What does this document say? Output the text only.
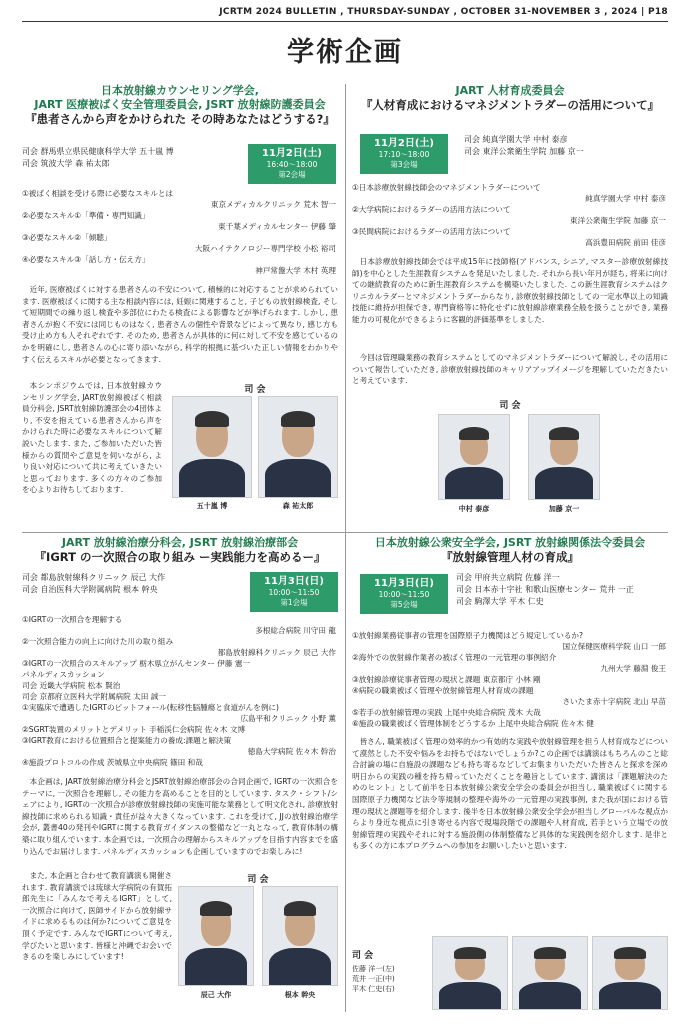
JCRTM 2024 BULLETIN , THURSDAY-SUNDAY , OCTOBER 31-NOVEMBER 3 , 2024 | P18
学術企画
日本放射線カウンセリング学会,
JART 医療被ばく安全管理委員会, JSRT 放射線防護委員会
『患者さんから声をかけられた その時あなたはどうする?』
司会 群馬県立県民健康科学大学 五十嵐 博
司会 筑波大学 森 祐太郎
11月2日(土)
16:40～18:00
第2会場
①被ばく相談を受ける際に必要なスキルとは
東京メディカルクリニック 荒木 智一
②必要なスキル①「準備・専門知識」
東千葉メディカルセンター 伊藤 肇
③必要なスキル②「傾聴」
大阪ハイテクノロジー専門学校 小松 裕司
④必要なスキル③「話し方・伝え方」
神戸常盤大学 木村 英理
近年, 医療被ばくに対する患者さんの不安について, 積極的に対応することが求められています. 医療被ばくに関する主な相談内容には, 妊娠に関連すること, 子どもの放射線検査, そして短期間での繰り返し検査や多部位にわたる検査による影響などが挙げられます. しかし, 患者さんが抱く不安には同じものはなく, 患者さんの個性や背景などによって異なり, 感じ方も受け止め方も人それぞれです. そのため, 患者さんが具体的に何に対して不安を感じているのかを明確にし, 患者さんの心に寄り添いながら, 科学的根拠に基づいた正しい情報をわかりやすく伝えるスキルが必要となってきます.
本シンポジウムでは, 日本放射線カウンセリング学会, JART放射線被ばく相談員分科会, JSRT放射線防護部会の4団体より, 不安を抱えている患者さんから声をかけられた時に必要なスキルについて解説いたします. また, ご参加いただいた皆様からの質問やご意見を伺いながら, より良い対応について共に考えていきたいと思っております. 多くの方々のご参加を心よりお待ちしております.
司 会
五十嵐 博	森 祐太郎
JART 人材育成委員会
『人材育成におけるマネジメントラダーの活用について』
11月2日(土)
17:10～18:00
第3会場
司会 純真学園大学 中村 泰彦
司会 東洋公衆衛生学院 加藤 京一
①日本診療放射線技師会のマネジメントラダーについて
純真学園大学 中村 泰彦
②大学病院におけるラダーの活用方法について
東洋公衆衛生学院 加藤 京一
③民間病院におけるラダーの活用方法について
高浜豊田病院 前田 佳彦
日本診療放射線技師会では平成15年に技師格(アドバンス, シニア, マスター診療放射線技師)を中心とした生涯教育システムを発足いたしました. それから長い年月が経ち, 将来に向けての継続教育のために新生涯教育システムを構築いたしました. この新生涯教育システムはクリニカルラダーとマネジメントラダーからなり, 診療放射線技師としての一定水準以上の知識技能に維持が担保でき, 専門資格等に特化せずに放射線診療業務全般を扱うことができ, 業務能力の可視化ができるように客観的評価基準をしました.
今回は管理職業務の教育システムとしてのマネジメントラダーについて解説し, その活用について報告していただき, 診療放射線技師のキャリアアップイメージを理解していただきたいと考えています.
司 会
中村 泰彦	加藤 京一
JART 放射線治療分科会, JSRT 放射線治療部会
『IGRT の一次照合の取り組み ー実践能力を高めるー』
司会 都島放射線科クリニック 辰己 大作
司会 自治医科大学附属病院 根本 幹央
11月3日(日)
10:00～11:50
第1会場
①IGRTの一次照合を理解する
多根総合病院 川守田 龍
②一次照合能力の向上に向けた川の取り組み
都島放射線科クリニック 辰己 大作
③IGRTの一次照合のスキルアップ 栃木県立がんセンター 伊藤 憲一
パネルディスカッション
司会 近畿大学病院 松本 賢治
司会 京都府立医科大学附属病院 太田 誠一
①実臨床で遭遇したIGRTのピットフォール(転移性脳腫瘍と食道がんを例に)
広島平和クリニック 小野 薫
②SGRT装置のメリットとデメリット 手稲渓仁会病院 佐々木 文博
③IGRT教育における位置照合と提案能力の養成:課題と解決策
徳島大学病院 佐々木 幹治
④施設プロトコルの作成 茨城県立中央病院 篠田 和哉
本企画は, JART放射線治療分科会とJSRT放射線治療部会の合同企画で, IGRTの一次照合をテーマに, 一次照合を理解し, その能力を高めることを目的としています. タスク・シフト/シェアにより, IGRTの一次照合が診療放射線技師の実施可能な業務として明文化され, 診療放射線技師に求められる知識・責任が益々大きくなっています. これを受けて, JJの放射線治療学会が, 叢書40の発刊やIGRTに関する教育ガイダンスの整備など一丸となって, 教育体制の構築に取り組んでいます. 本企画では, 一次照合の理解からスキルアップを目指す内容までを盛り込んでお届けします. パネルディスカッションも企画していますのでお楽しみに!
また, 本企画と合わせて教育講演も開催されます. 教育講演では琉球大学病院の有賀拓郎先生に「みんなで考えるIGRT」として, 一次照合に向けて, 医師サイドから放射線サイドに求めるものは何か?についてご意見を頂く予定です. みんなでIGRTについて考え, 学びたいと思います. 皆様と沖縄でお会いできるのを楽しみにしています!
司 会
辰己 大作	根本 幹央
日本放射線公衆安全学会, JSRT 放射線関係法令委員会
『放射線管理人材の育成』
11月3日(日)
10:00～11:50
第5会場
司会 甲府共立病院 佐藤 洋一
司会 日本赤十字社 和歌山医療センター 荒井 一正
司会 駒澤大学 平木 仁史
①放射線業務従事者の管理を国際原子力機関はどう規定しているか?
国立保健医療科学院 山口 一郎
②海外での放射線作業者の被ばく管理の一元管理の事例紹介
九州大学 藤淵 俊王
③放射線診療従事者管理の現状と課題 東京都庁 小林 剛
④病院の職業被ばく管理や放射線管理人材育成の課題
さいたま赤十字病院 北山 早苗
⑤若手の放射線管理の実践 上尾中央総合病院 茂木 大哉
⑥施設の職業被ばく管理体制をどうするか 上尾中央総合病院 佐々木 健
皆さん, 職業被ばく管理の効率的かつ有効的な実践や放射線管理を担う人材育成などについて漠然とした不安や悩みをお持ちではないでしょうか?この企画では講演はもちろんのこと総合討論の場に自施設の課題なども持ち寄るなどしてお集まりいただいた皆さんと探求を深め明日からの実践の種を持ち帰っていただくことを趣旨としています. 講演は「課題解決のためのヒント」として前半を日本放射線公衆安全学会の委員会が担当し, 職業被ばくに関する国際原子力機関など法令等規制の整理や海外の一元管理の実践事例, また我が国における管理の現状と課題等を紹介します. 後半を日本放射線公衆安全学会が担当しグローバルな視点からより身近な視点に引き寄せる内容で現場段階での課題や人材育成, 若手という立場での放射線管理の実践やそれに対する施設側の体制整備など具体的な実践例を紹介します. 是非とも多くの方に本プログラムへの参加をお願いしたいと思います.
司 会
佐藤 洋一(左)
荒井 一正(中)
平木 仁史(右)
